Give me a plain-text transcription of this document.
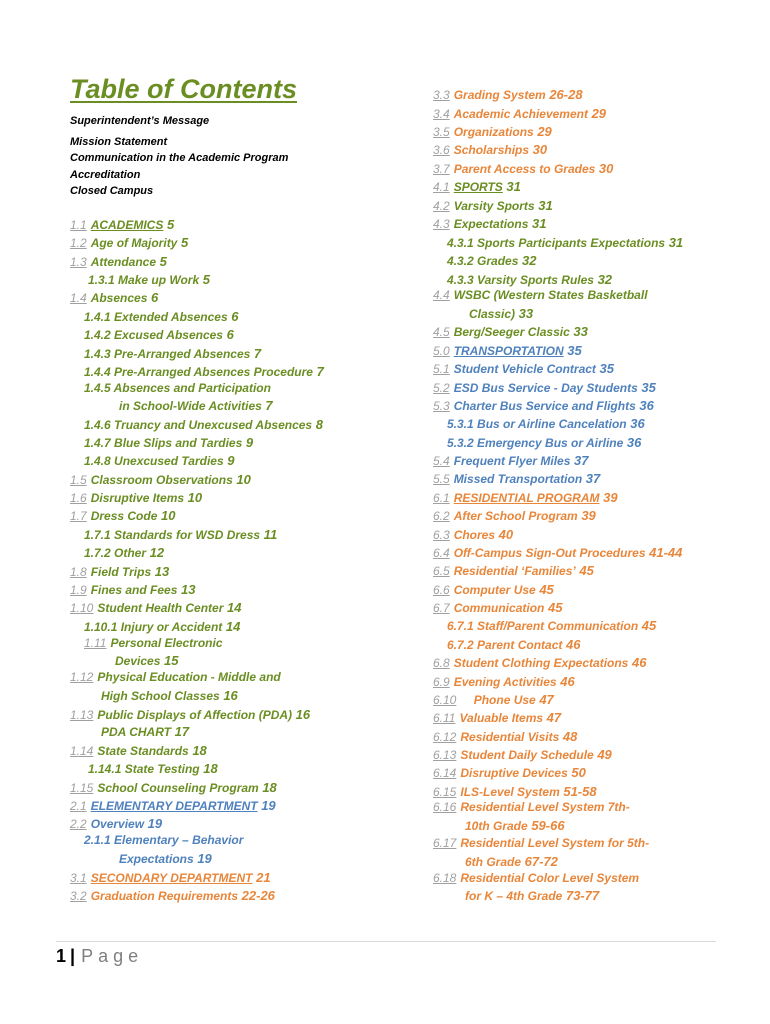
Table of Contents
Superintendent’s Message
Mission Statement
Communication in the Academic Program
Accreditation
Closed Campus
1.1 ACADEMICS 5
1.2 Age of Majority 5
1.3 Attendance 5
1.3.1 Make up Work 5
1.4 Absences 6
1.4.1 Extended Absences 6
1.4.2 Excused Absences 6
1.4.3 Pre-Arranged Absences 7
1.4.4 Pre-Arranged Absences Procedure 7
1.4.5 Absences and Participation
in School-Wide Activities 7
1.4.6 Truancy and Unexcused Absences 8
1.4.7 Blue Slips and Tardies 9
1.4.8 Unexcused Tardies 9
1.5 Classroom Observations 10
1.6 Disruptive Items 10
1.7 Dress Code 10
1.7.1 Standards for WSD Dress 11
1.7.2 Other 12
1.8 Field Trips 13
1.9 Fines and Fees 13
1.10 Student Health Center 14
1.10.1 Injury or Accident 14
1.11 Personal Electronic
Devices 15
1.12 Physical Education - Middle and
High School Classes 16
1.13 Public Displays of Affection (PDA) 16
PDA CHART 17
1.14 State Standards 18
1.14.1 State Testing 18
1.15 School Counseling Program 18
2.1 ELEMENTARY DEPARTMENT 19
2.2 Overview 19
2.1.1 Elementary – Behavior
Expectations 19
3.1 SECONDARY DEPARTMENT 21
3.2 Graduation Requirements 22-26
3.3 Grading System 26-28
3.4 Academic Achievement 29
3.5 Organizations 29
3.6 Scholarships 30
3.7 Parent Access to Grades 30
4.1 SPORTS 31
4.2 Varsity Sports 31
4.3 Expectations 31
4.3.1 Sports Participants Expectations 31
4.3.2 Grades 32
4.3.3 Varsity Sports Rules 32
4.4 WSBC (Western States Basketball
Classic) 33
4.5 Berg/Seeger Classic 33
5.0 TRANSPORTATION 35
5.1 Student Vehicle Contract 35
5.2 ESD Bus Service - Day Students 35
5.3 Charter Bus Service and Flights 36
5.3.1 Bus or Airline Cancelation 36
5.3.2 Emergency Bus or Airline 36
5.4 Frequent Flyer Miles 37
5.5 Missed Transportation 37
6.1 RESIDENTIAL PROGRAM 39
6.2 After School Program 39
6.3 Chores 40
6.4 Off-Campus Sign-Out Procedures 41-44
6.5 Residential ‘Families’ 45
6.6 Computer Use 45
6.7 Communication 45
6.7.1 Staff/Parent Communication 45
6.7.2 Parent Contact 46
6.8 Student Clothing Expectations 46
6.9 Evening Activities 46
6.10    Phone Use 47
6.11 Valuable Items 47
6.12 Residential Visits 48
6.13 Student Daily Schedule 49
6.14 Disruptive Devices 50
6.15 ILS-Level System 51-58
6.16 Residential Level System 7th-
10th Grade 59-66
6.17 Residential Level System for 5th-
6th Grade 67-72
6.18 Residential Color Level System
for K – 4th Grade 73-77
1 | Page
